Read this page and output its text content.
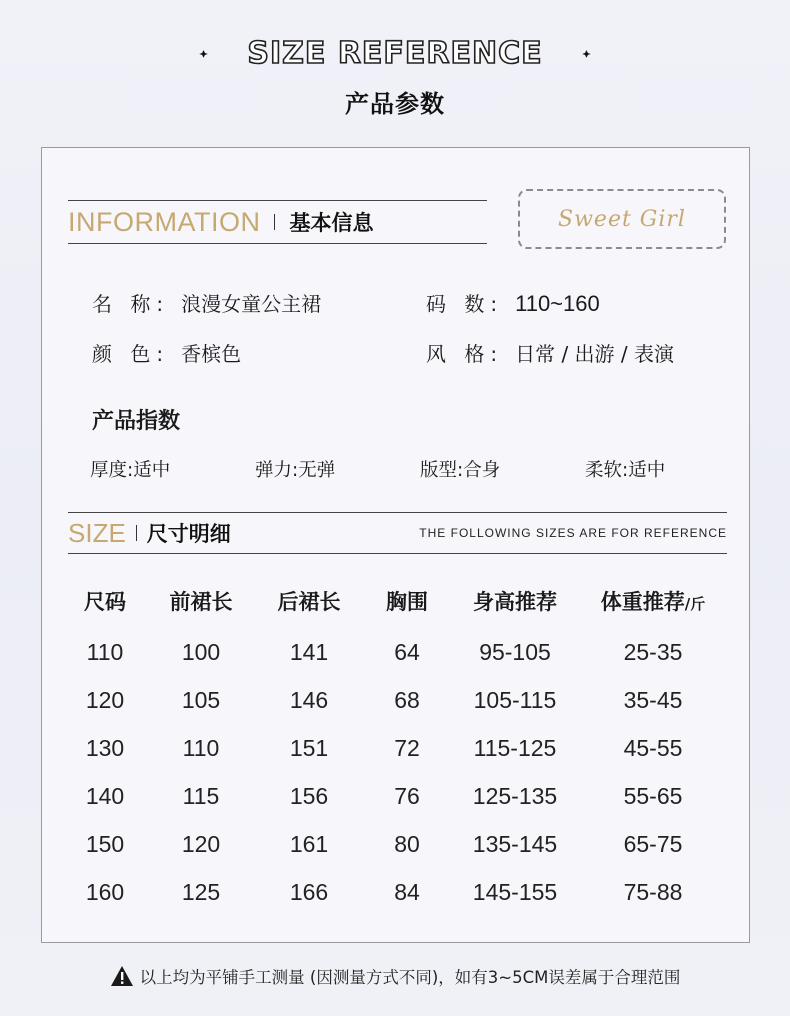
SIZE REFERENCE
产品参数
INFORMATION 基本信息	Sweet Girl
名 称: 浪漫女童公主裙	码 数: 110~160
颜 色: 香槟色	风 格: 日常 / 出游 / 表演
产品指数
厚度:适中	弹力:无弹	版型:合身	柔软:适中
SIZE 尺寸明细	THE FOLLOWING SIZES ARE FOR REFERENCE
尺码	前裙长	后裙长	胸围	身高推荐	体重推荐/斤
110	100	141	64	95-105	25-35
120	105	146	68	105-115	35-45
130	110	151	72	115-125	45-55
140	115	156	76	125-135	55-65
150	120	161	80	135-145	65-75
160	125	166	84	145-155	75-88
以上均为平铺手工测量 (因测量方式不同)，如有3~5CM误差属于合理范围
